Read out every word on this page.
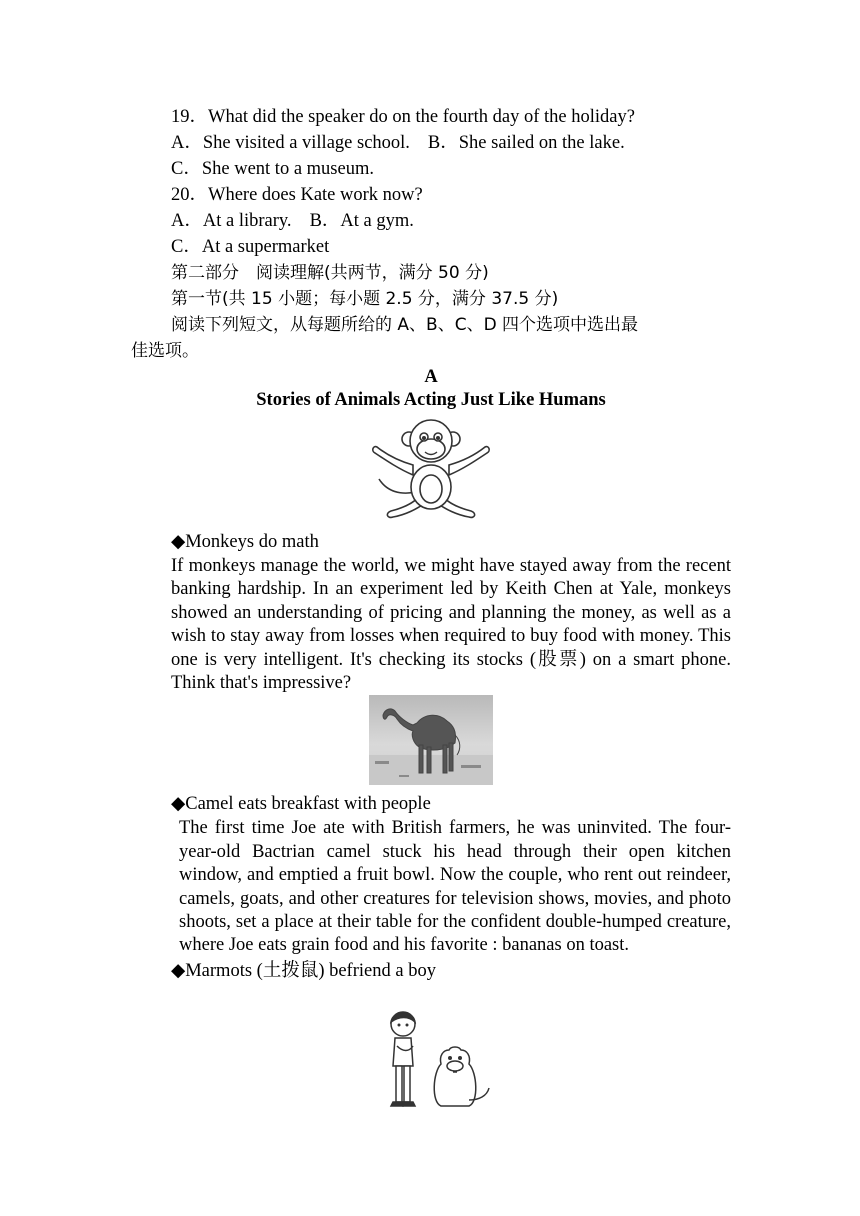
19．What did the speaker do on the fourth day of the holiday?
A．She visited a village school. B．She sailed on the lake.
C．She went to a museum.
20．Where does Kate work now?
A．At a library. B．At a gym.
C．At a supermarket
第二部分　阅读理解(共两节，满分 50 分)
第一节(共 15 小题；每小题 2.5 分，满分 37.5 分)
阅读下列短文，从每题所给的 A、B、C、D 四个选项中选出最
佳选项。
A
Stories of Animals Acting Just Like Humans
◆Monkeys do math
If monkeys manage the world, we might have stayed away from the recent banking hardship. In an experiment led by Keith Chen at Yale, monkeys showed an understanding of pricing and planning the money, as well as a wish to stay away from losses when required to buy food with money. This one is very intelligent. It's checking its stocks (股票) on a smart phone. Think that's impressive?
◆Camel eats breakfast with people
The first time Joe ate with British farmers, he was uninvited. The four-year-old Bactrian camel stuck his head through their open kitchen window, and emptied a fruit bowl. Now the couple, who rent out reindeer, camels, goats, and other creatures for television shows, movies, and photo shoots, set a place at their table for the confident double-humped creature, where Joe eats grain food and his favorite : bananas on toast.
◆Marmots (土拨鼠) befriend a boy
